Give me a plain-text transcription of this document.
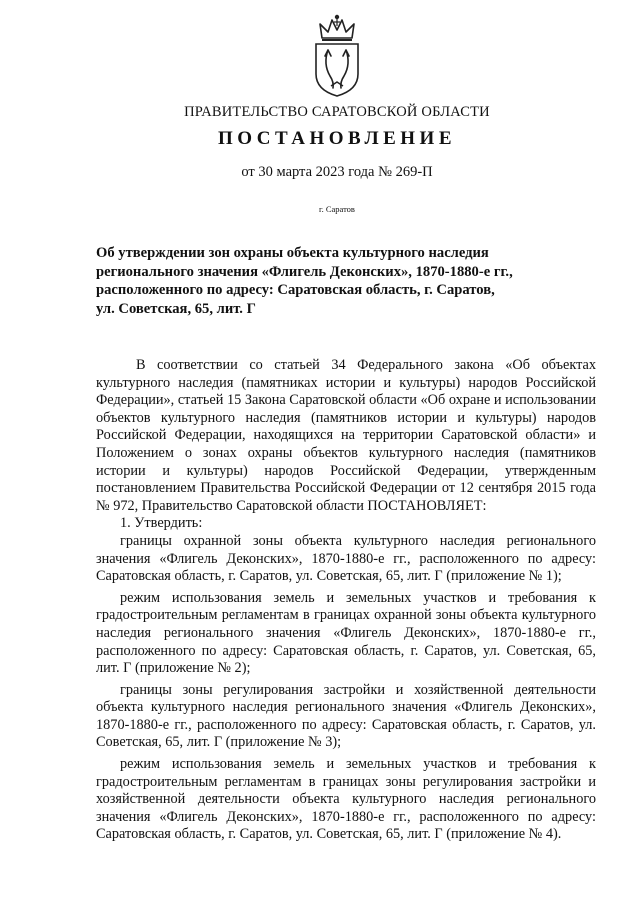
ПРАВИТЕЛЬСТВО САРАТОВСКОЙ ОБЛАСТИ
ПОСТАНОВЛЕНИЕ
от 30 марта 2023 года № 269-П
г. Саратов
Об утверждении зон охраны объекта культурного наследия
регионального значения «Флигель Деконских», 1870-1880-е гг.,
расположенного по адресу: Саратовская область, г. Саратов,
ул. Советская, 65, лит. Г

В соответствии со статьей 34 Федерального закона «Об объектах культурного наследия (памятниках истории и культуры) народов Российской Федерации», статьей 15 Закона Саратовской области «Об охране и использовании объектов культурного наследия (памятников истории и культуры) народов Российской Федерации, находящихся на территории Саратовской области» и Положением о зонах охраны объектов культурного наследия (памятников истории и культуры) народов Российской Федерации, утвержденным постановлением Правительства Российской Федерации от 12 сентября 2015 года № 972, Правительство Саратовской области ПОСТАНОВЛЯЕТ:

1. Утвердить:

границы охранной зоны объекта культурного наследия регионального значения «Флигель Деконских», 1870-1880-е гг., расположенного по адресу: Саратовская область, г. Саратов, ул. Советская, 65, лит. Г (приложение № 1);

режим использования земель и земельных участков и требования к градостроительным регламентам в границах охранной зоны объекта культурного наследия регионального значения «Флигель Деконских», 1870-1880-е гг., расположенного по адресу: Саратовская область, г. Саратов, ул. Советская, 65, лит. Г (приложение № 2);

границы зоны регулирования застройки и хозяйственной деятельности объекта культурного наследия регионального значения «Флигель Деконских», 1870-1880-е гг., расположенного по адресу: Саратовская область, г. Саратов, ул. Советская, 65, лит. Г (приложение № 3);

режим использования земель и земельных участков и требования к градостроительным регламентам в границах зоны регулирования застройки и хозяйственной деятельности объекта культурного наследия регионального значения «Флигель Деконских», 1870-1880-е гг., расположенного по адресу: Саратовская область, г. Саратов, ул. Советская, 65, лит. Г (приложение № 4).
